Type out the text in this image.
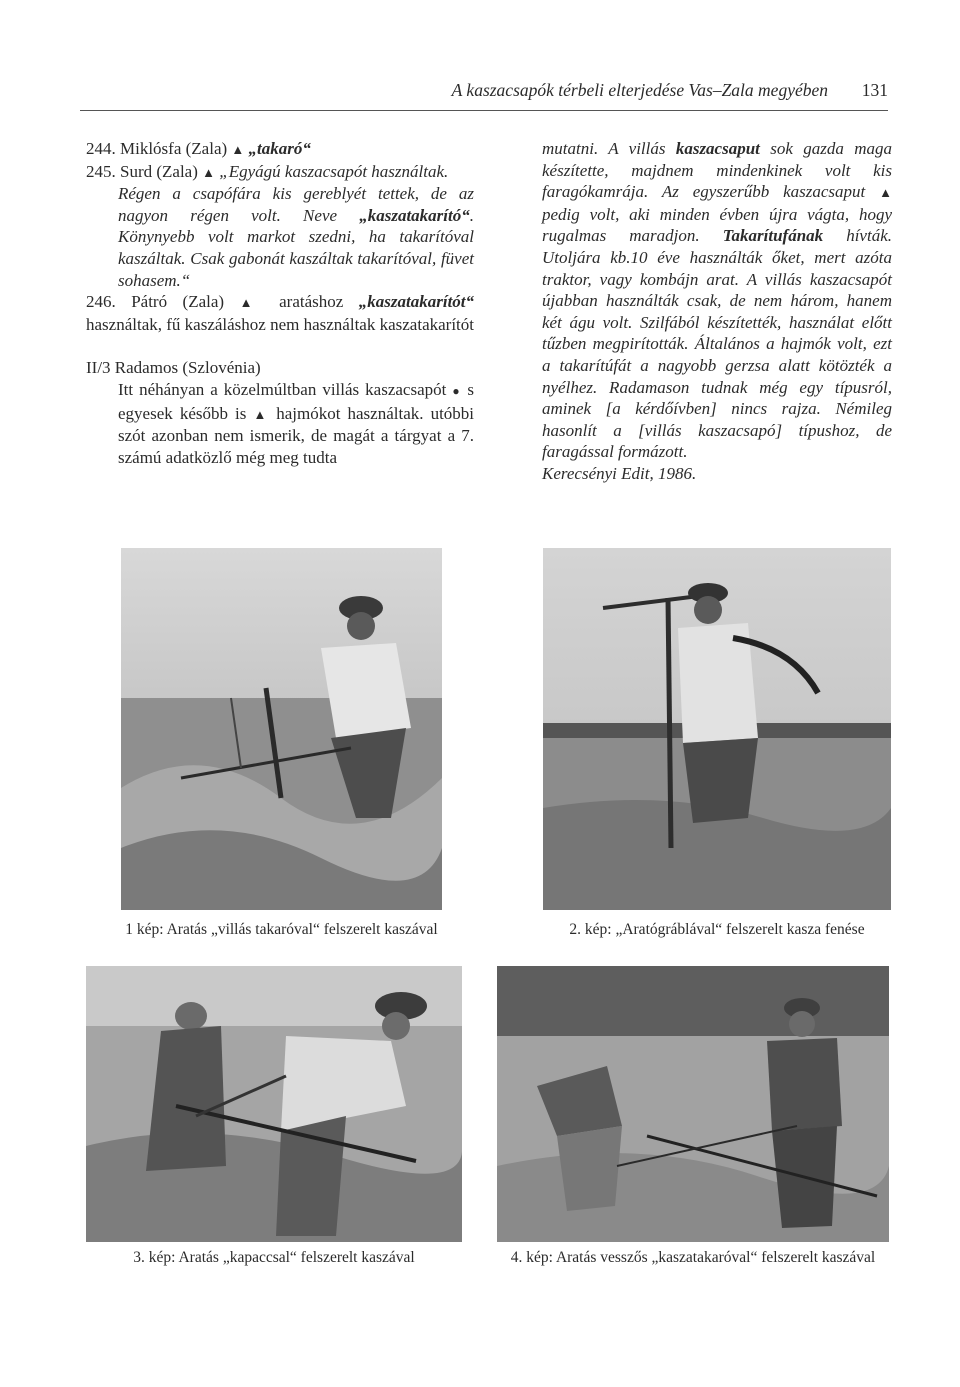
A kaszacsapók térbeli elterjedése Vas–Zala megyében 131

244. Miklósfa (Zala) ▲ „takaró“

245. Surd (Zala) ▲ „Egyágú kaszacsapót használtak.

Régen a csapófára kis gereblyét tettek, de az nagyon régen volt. Neve „kaszatakarító“. Könynyebb volt markot szedni, ha takarítóval kaszáltak. Csak gabonát kaszáltak takarítóval, füvet sohasem.“

246. Pátró (Zala) ▲ aratáshoz „kaszatakarítót“ használtak, fű kaszáláshoz nem használtak kaszatakarítót

II/3 Radamos (Szlovénia)

Itt néhányan a közelmúltban villás kaszacsapót ● s egyesek később is ▲ hajmókot használtak. utóbbi szót azonban nem ismerik, de magát a tárgyat a 7. számú adatközlő még meg tudta

mutatni. A villás kaszacsaput sok gazda maga készítette, majdnem mindenkinek volt kis faragókamrája. Az egyszerűbb kaszacsaput ▲ pedig volt, aki minden évben újra vágta, hogy rugalmas maradjon. Takarítufának hívták. Utoljára kb.10 éve használták őket, mert azóta traktor, vagy kombájn arat. A villás kaszacsapót újabban használták csak, de nem három, hanem két águ volt. Szilfából készítették, használat előtt tűzben megpirították. Általános a hajmók volt, ezt a takarítúfát a nagyobb gerzsa alatt kötözték a nyélhez. Radamason tudnak még egy típusról, aminek [a kérdőívben] nincs rajza. Némileg hasonlít a [villás kaszacsapó] típushoz, de faragással formázott.
Kerecsényi Edit, 1986.
1 kép: Aratás „villás takaróval“ felszerelt kaszával	2. kép: „Aratógráblával“ felszerelt kasza fenése
3. kép: Aratás „kapaccsal“ felszerelt kaszával	4. kép: Aratás vesszős „kaszatakaróval“ felszerelt kaszával
